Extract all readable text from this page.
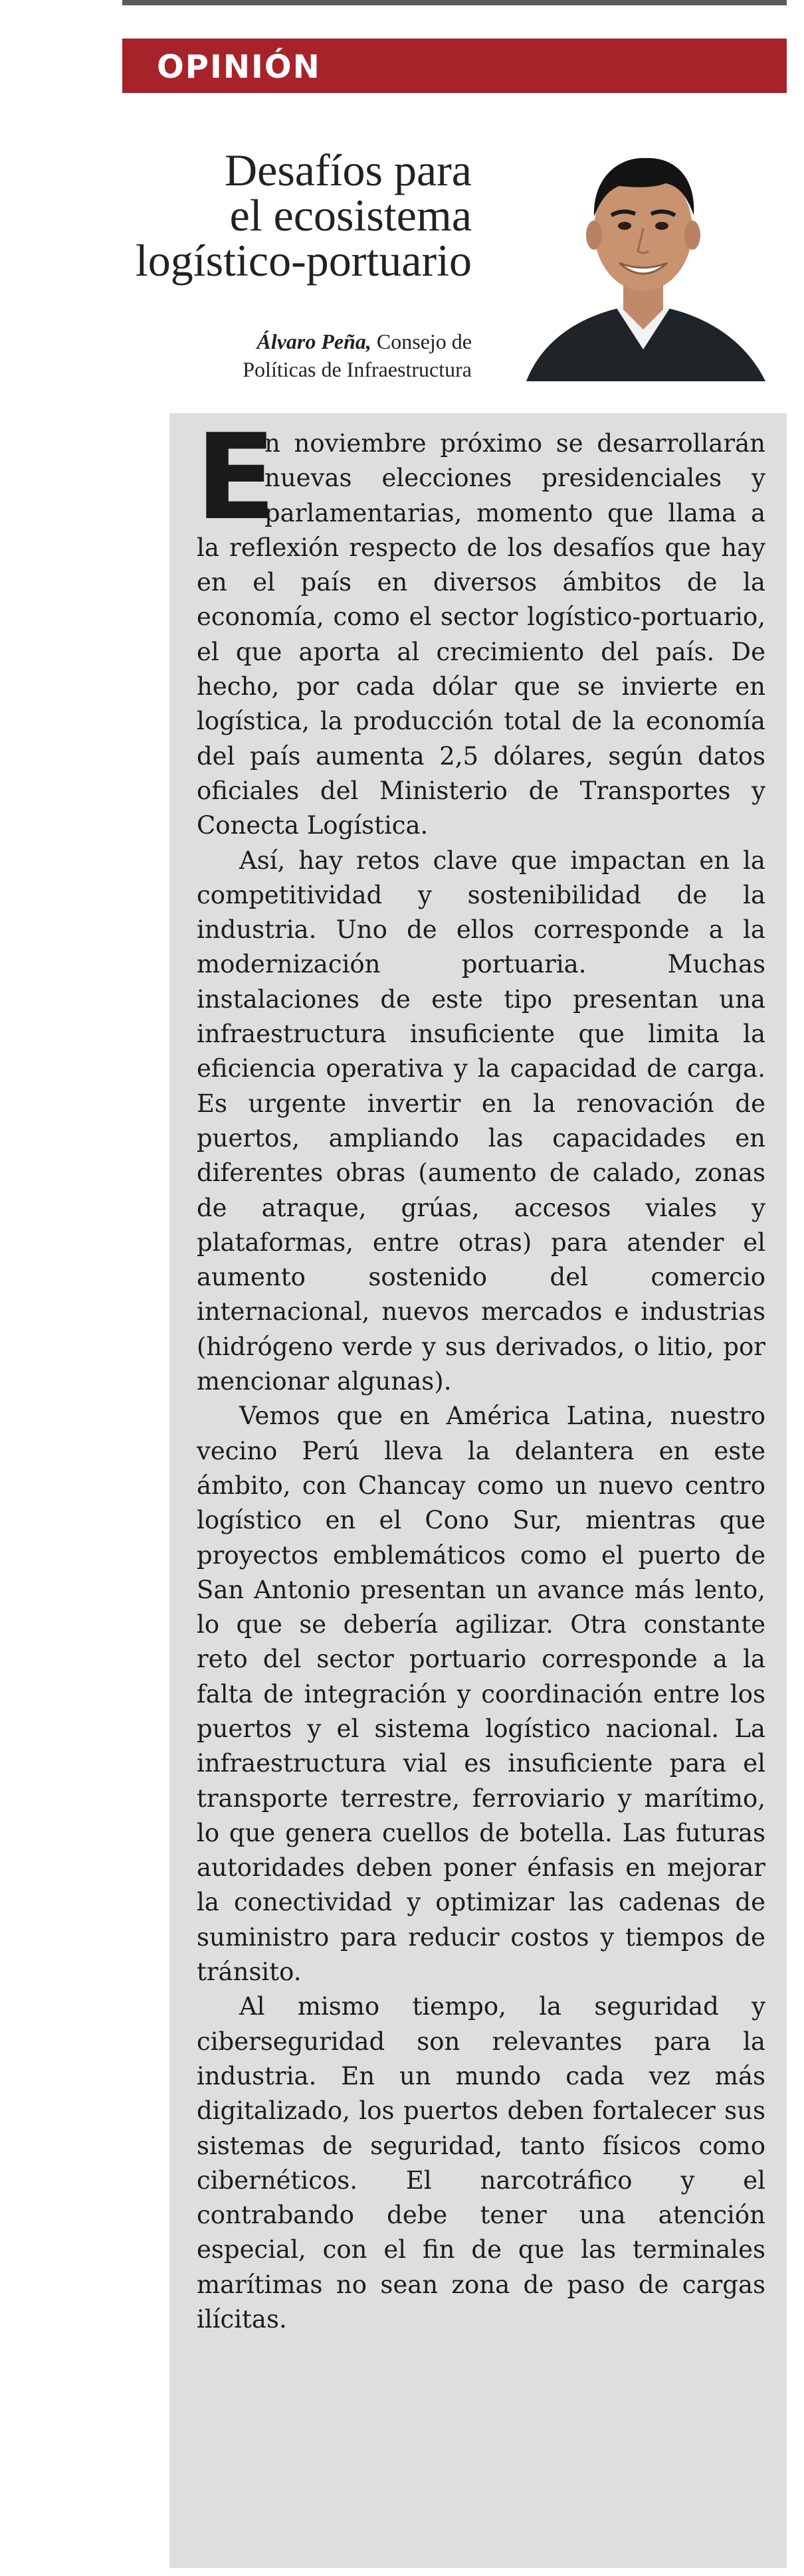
OPINIÓN
Desafíos para
el ecosistema
logístico-portuario
Álvaro Peña, Consejo de
Políticas de Infraestructura
E

n noviembre próximo se desarrollarán nuevas elecciones presidenciales y parlamentarias, momento que llama a la reflexión respecto de los desafíos que hay en el país en diversos ámbitos de la economía, como el sector logístico-portuario, el que aporta al crecimiento del país. De hecho, por cada dólar que se invierte en logística, la producción total de la economía del país aumenta 2,5 dólares, según datos oficiales del Ministerio de Transportes y Conecta Logística.

Así, hay retos clave que impactan en la competitividad y sostenibilidad de la industria. Uno de ellos corresponde a la modernización portuaria. Muchas instalaciones de este tipo presentan una infraestructura insuficiente que limita la eficiencia operativa y la capacidad de carga. Es urgente invertir en la renovación de puertos, ampliando las capacidades en diferentes obras (aumento de calado, zonas de atraque, grúas, accesos viales y plataformas, entre otras) para atender el aumento sostenido del comercio internacional, nuevos mercados e industrias (hidrógeno verde y sus derivados, o litio, por mencionar algunas).

Vemos que en América Latina, nuestro vecino Perú lleva la delantera en este ámbito, con Chancay como un nuevo centro logístico en el Cono Sur, mientras que proyectos emblemáticos como el puerto de San Antonio presentan un avance más lento, lo que se debería agilizar. Otra constante reto del sector portuario corresponde a la falta de integración y coordinación entre los puertos y el sistema logístico nacional. La infraestructura vial es insuficiente para el transporte terrestre, ferroviario y marítimo, lo que genera cuellos de botella. Las futuras autoridades deben poner énfasis en mejorar la conectividad y optimizar las cadenas de suministro para reducir costos y tiempos de tránsito.

Al mismo tiempo, la seguridad y ciberseguridad son relevantes para la industria. En un mundo cada vez más digitalizado, los puertos deben fortalecer sus sistemas de seguridad, tanto físicos como cibernéticos. El narcotráfico y el contrabando debe tener una atención especial, con el fin de que las terminales marítimas no sean zona de paso de cargas ilícitas.
